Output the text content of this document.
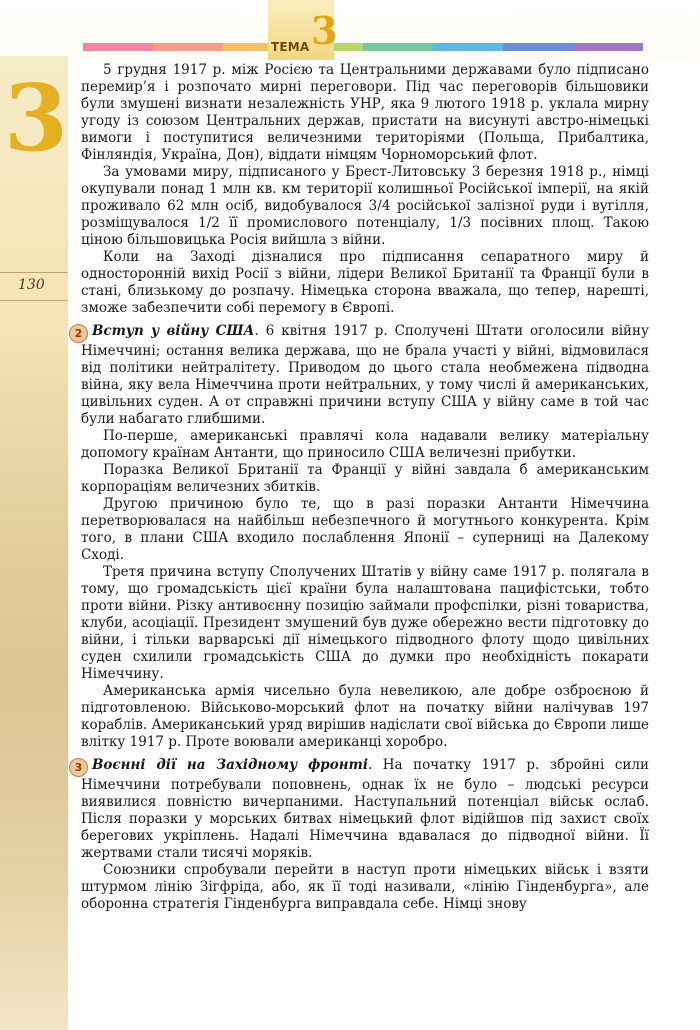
ТЕМА 3
3
130

5 грудня 1917 р. між Росією та Центральними державами було підписано перемир’я і розпочато мирні переговори. Під час переговорів більшовики були змушені визнати незалежність УНР, яка 9 лютого 1918 р. уклала мирну угоду із союзом Центральних держав, пристати на висунуті австро-німецькі вимоги і поступитися величезними територіями (Польща, Прибалтика, Фінляндія, Україна, Дон), віддати німцям Чорноморський флот.

За умовами миру, підписаного у Брест-Литовську 3 березня 1918 р., німці окупували понад 1 млн кв. км території колишньої Російської імперії, на якій проживало 62 млн осіб, видобувалося 3/4 російської залізної руди і вугілля, розміщувалося 1/2 її промислового потенціалу, 1/3 посівних площ. Такою ціною більшовицька Росія вийшла з війни.

Коли на Заході дізналися про підписання сепаратного миру й односторонній вихід Росії з війни, лідери Великої Британії та Франції були в стані, близькому до розпачу. Німецька сторона вважала, що тепер, нарешті, зможе забезпечити собі перемогу в Європі.

2 Вступ у війну США. 6 квітня 1917 р. Сполучені Штати оголосили війну Німеччині; остання велика держава, що не брала участі у війні, відмовилася від політики нейтралітету. Приводом до цього стала необмежена підводна війна, яку вела Німеччина проти нейтральних, у тому числі й американських, цивільних суден. А от справжні причини вступу США у війну саме в той час були набагато глибшими.

По-перше, американські правлячі кола надавали велику матеріальну допомогу країнам Антанти, що приносило США величезні прибутки.

Поразка Великої Британії та Франції у війні завдала б американським корпораціям величезних збитків.

Другою причиною було те, що в разі поразки Антанти Німеччина перетворювалася на найбільш небезпечного й могутнього конкурента. Крім того, в плани США входило послаблення Японії – суперниці на Далекому Сході.

Третя причина вступу Сполучених Штатів у війну саме 1917 р. полягала в тому, що громадськість цієї країни була налаштована пацифістськи, тобто проти війни. Різку антивоєнну позицію займали профспілки, різні товариства, клуби, асоціації. Президент змушений був дуже обережно вести підготовку до війни, і тільки варварські дії німецького підводного флоту щодо цивільних суден схилили громадськість США до думки про необхідність покарати Німеччину.

Американська армія чисельно була невеликою, але добре озброєною й підготовленою. Військово-морський флот на початку війни налічував 197 кораблів. Американський уряд вирішив надіслати свої війська до Європи лише влітку 1917 р. Проте воювали американці хоробро.

3 Воєнні дії на Західному фронті. На початку 1917 р. збройні сили Німеччини потребували поповнень, однак їх не було – людські ресурси виявилися повністю вичерпаними. Наступальний потенціал військ ослаб. Після поразки у морських битвах німецький флот відійшов під захист своїх берегових укріплень. Надалі Німеччина вдавалася до підводної війни. Її жертвами стали тисячі моряків.

Союзники спробували перейти в наступ проти німецьких військ і взяти штурмом лінію Зігфріда, або, як її тоді називали, «лінію Гінденбурга», але оборонна стратегія Гінденбурга виправдала себе. Німці знову
